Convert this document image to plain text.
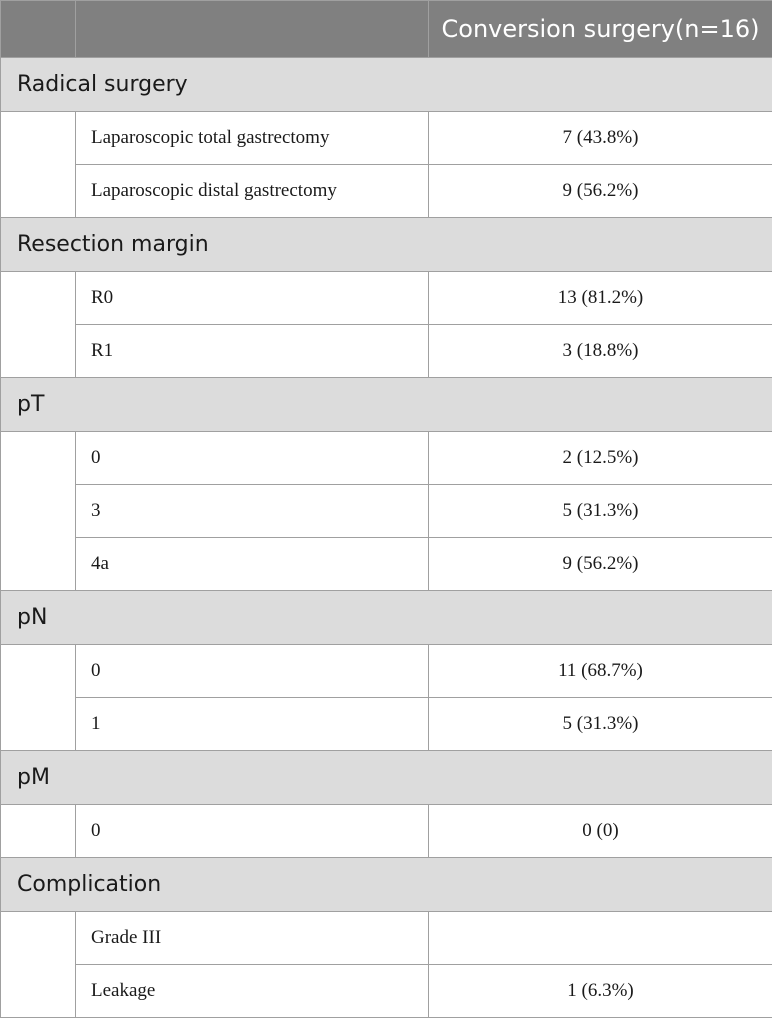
		Conversion surgery(n=16)
Radical surgery		
	Laparoscopic total gastrectomy	7 (43.8%)
	Laparoscopic distal gastrectomy	9 (56.2%)
Resection margin		
	R0	13 (81.2%)
	R1	3 (18.8%)
pT		
	0	2 (12.5%)
	3	5 (31.3%)
	4a	9 (56.2%)
pN		
	0	11 (68.7%)
	1	5 (31.3%)
pM		
	0	0 (0)
Complication		
	Grade III	
	Leakage	1 (6.3%)
